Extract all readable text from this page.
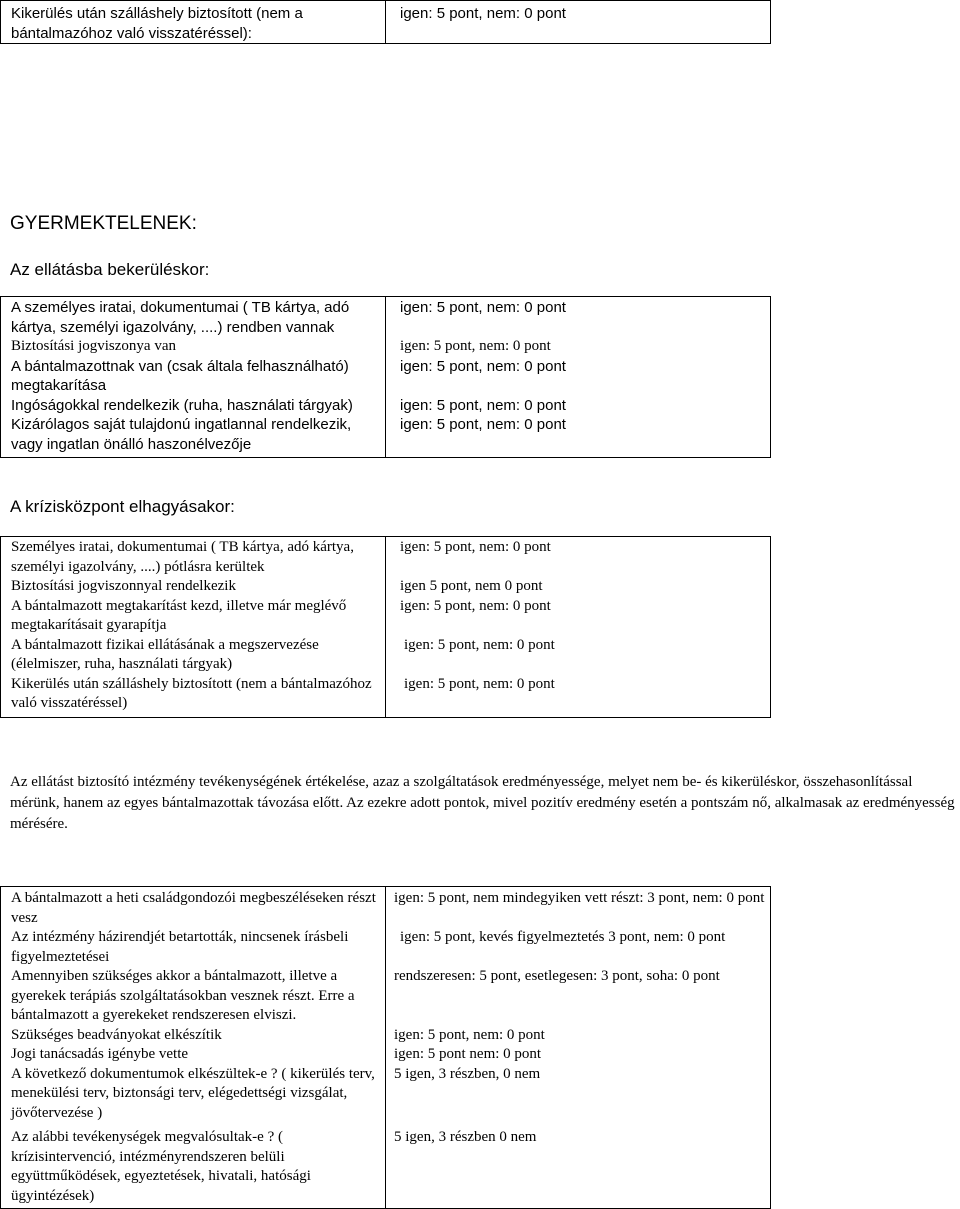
Kikerülés után szálláshely biztosított (nem a bántalmazóhoz való visszatéréssel):	igen: 5 pont, nem: 0 pont
GYERMEKTELENEK:
Az ellátásba bekerüléskor:
A személyes iratai, dokumentumai ( TB kártya, adó kártya, személyi igazolvány, ....) rendben vannak	igen: 5 pont, nem: 0 pont
Biztosítási jogviszonya van	igen: 5 pont, nem: 0 pont
A bántalmazottnak van (csak általa felhasználható) megtakarítása	igen: 5 pont, nem: 0 pont
Ingóságokkal rendelkezik (ruha, használati tárgyak)	igen: 5 pont, nem: 0 pont
Kizárólagos saját tulajdonú ingatlannal rendelkezik, vagy ingatlan önálló haszonélvezője	igen: 5 pont, nem: 0 pont
A krízisközpont elhagyásakor:
Személyes iratai, dokumentumai ( TB kártya, adó kártya, személyi igazolvány, ....) pótlásra kerültek	igen: 5 pont, nem: 0 pont
Biztosítási jogviszonnyal rendelkezik	igen 5 pont, nem 0 pont
A bántalmazott megtakarítást kezd, illetve már meglévő megtakarításait gyarapítja	igen: 5 pont, nem: 0 pont
A bántalmazott fizikai ellátásának a megszervezése (élelmiszer, ruha, használati tárgyak)	igen: 5 pont, nem: 0 pont
Kikerülés után szálláshely biztosított (nem a bántalmazóhoz való visszatéréssel)	igen: 5 pont, nem: 0 pont
Az ellátást biztosító intézmény tevékenységének értékelése, azaz a szolgáltatások eredményessége, melyet nem be- és kikerüléskor, összehasonlítással mérünk, hanem az egyes bántalmazottak távozása előtt. Az ezekre adott pontok, mivel pozitív eredmény esetén a pontszám nő, alkalmasak az eredményesség mérésére.
A bántalmazott a heti családgondozói megbeszéléseken részt vesz	igen: 5 pont, nem mindegyiken vett részt: 3 pont, nem: 0 pont
Az intézmény házirendjét betartották, nincsenek írásbeli figyelmeztetései	igen: 5 pont, kevés figyelmeztetés 3 pont, nem: 0 pont
Amennyiben szükséges akkor a bántalmazott, illetve a gyerekek terápiás szolgáltatásokban vesznek részt. Erre a bántalmazott a gyerekeket rendszeresen elviszi.	rendszeresen: 5 pont, esetlegesen: 3 pont, soha: 0 pont
Szükséges beadványokat elkészítik	igen: 5 pont, nem: 0 pont
Jogi tanácsadás igénybe vette	igen: 5 pont nem: 0 pont
A következő dokumentumok elkészültek-e ? ( kikerülés terv, menekülési terv, biztonsági terv, elégedettségi vizsgálat, jövőtervezése )	5 igen, 3 részben, 0 nem
Az alábbi tevékenységek megvalósultak-e ? ( krízisintervenció, intézményrendszeren belüli együttműködések, egyeztetések, hivatali, hatósági ügyintézések)	5 igen, 3 részben 0 nem
